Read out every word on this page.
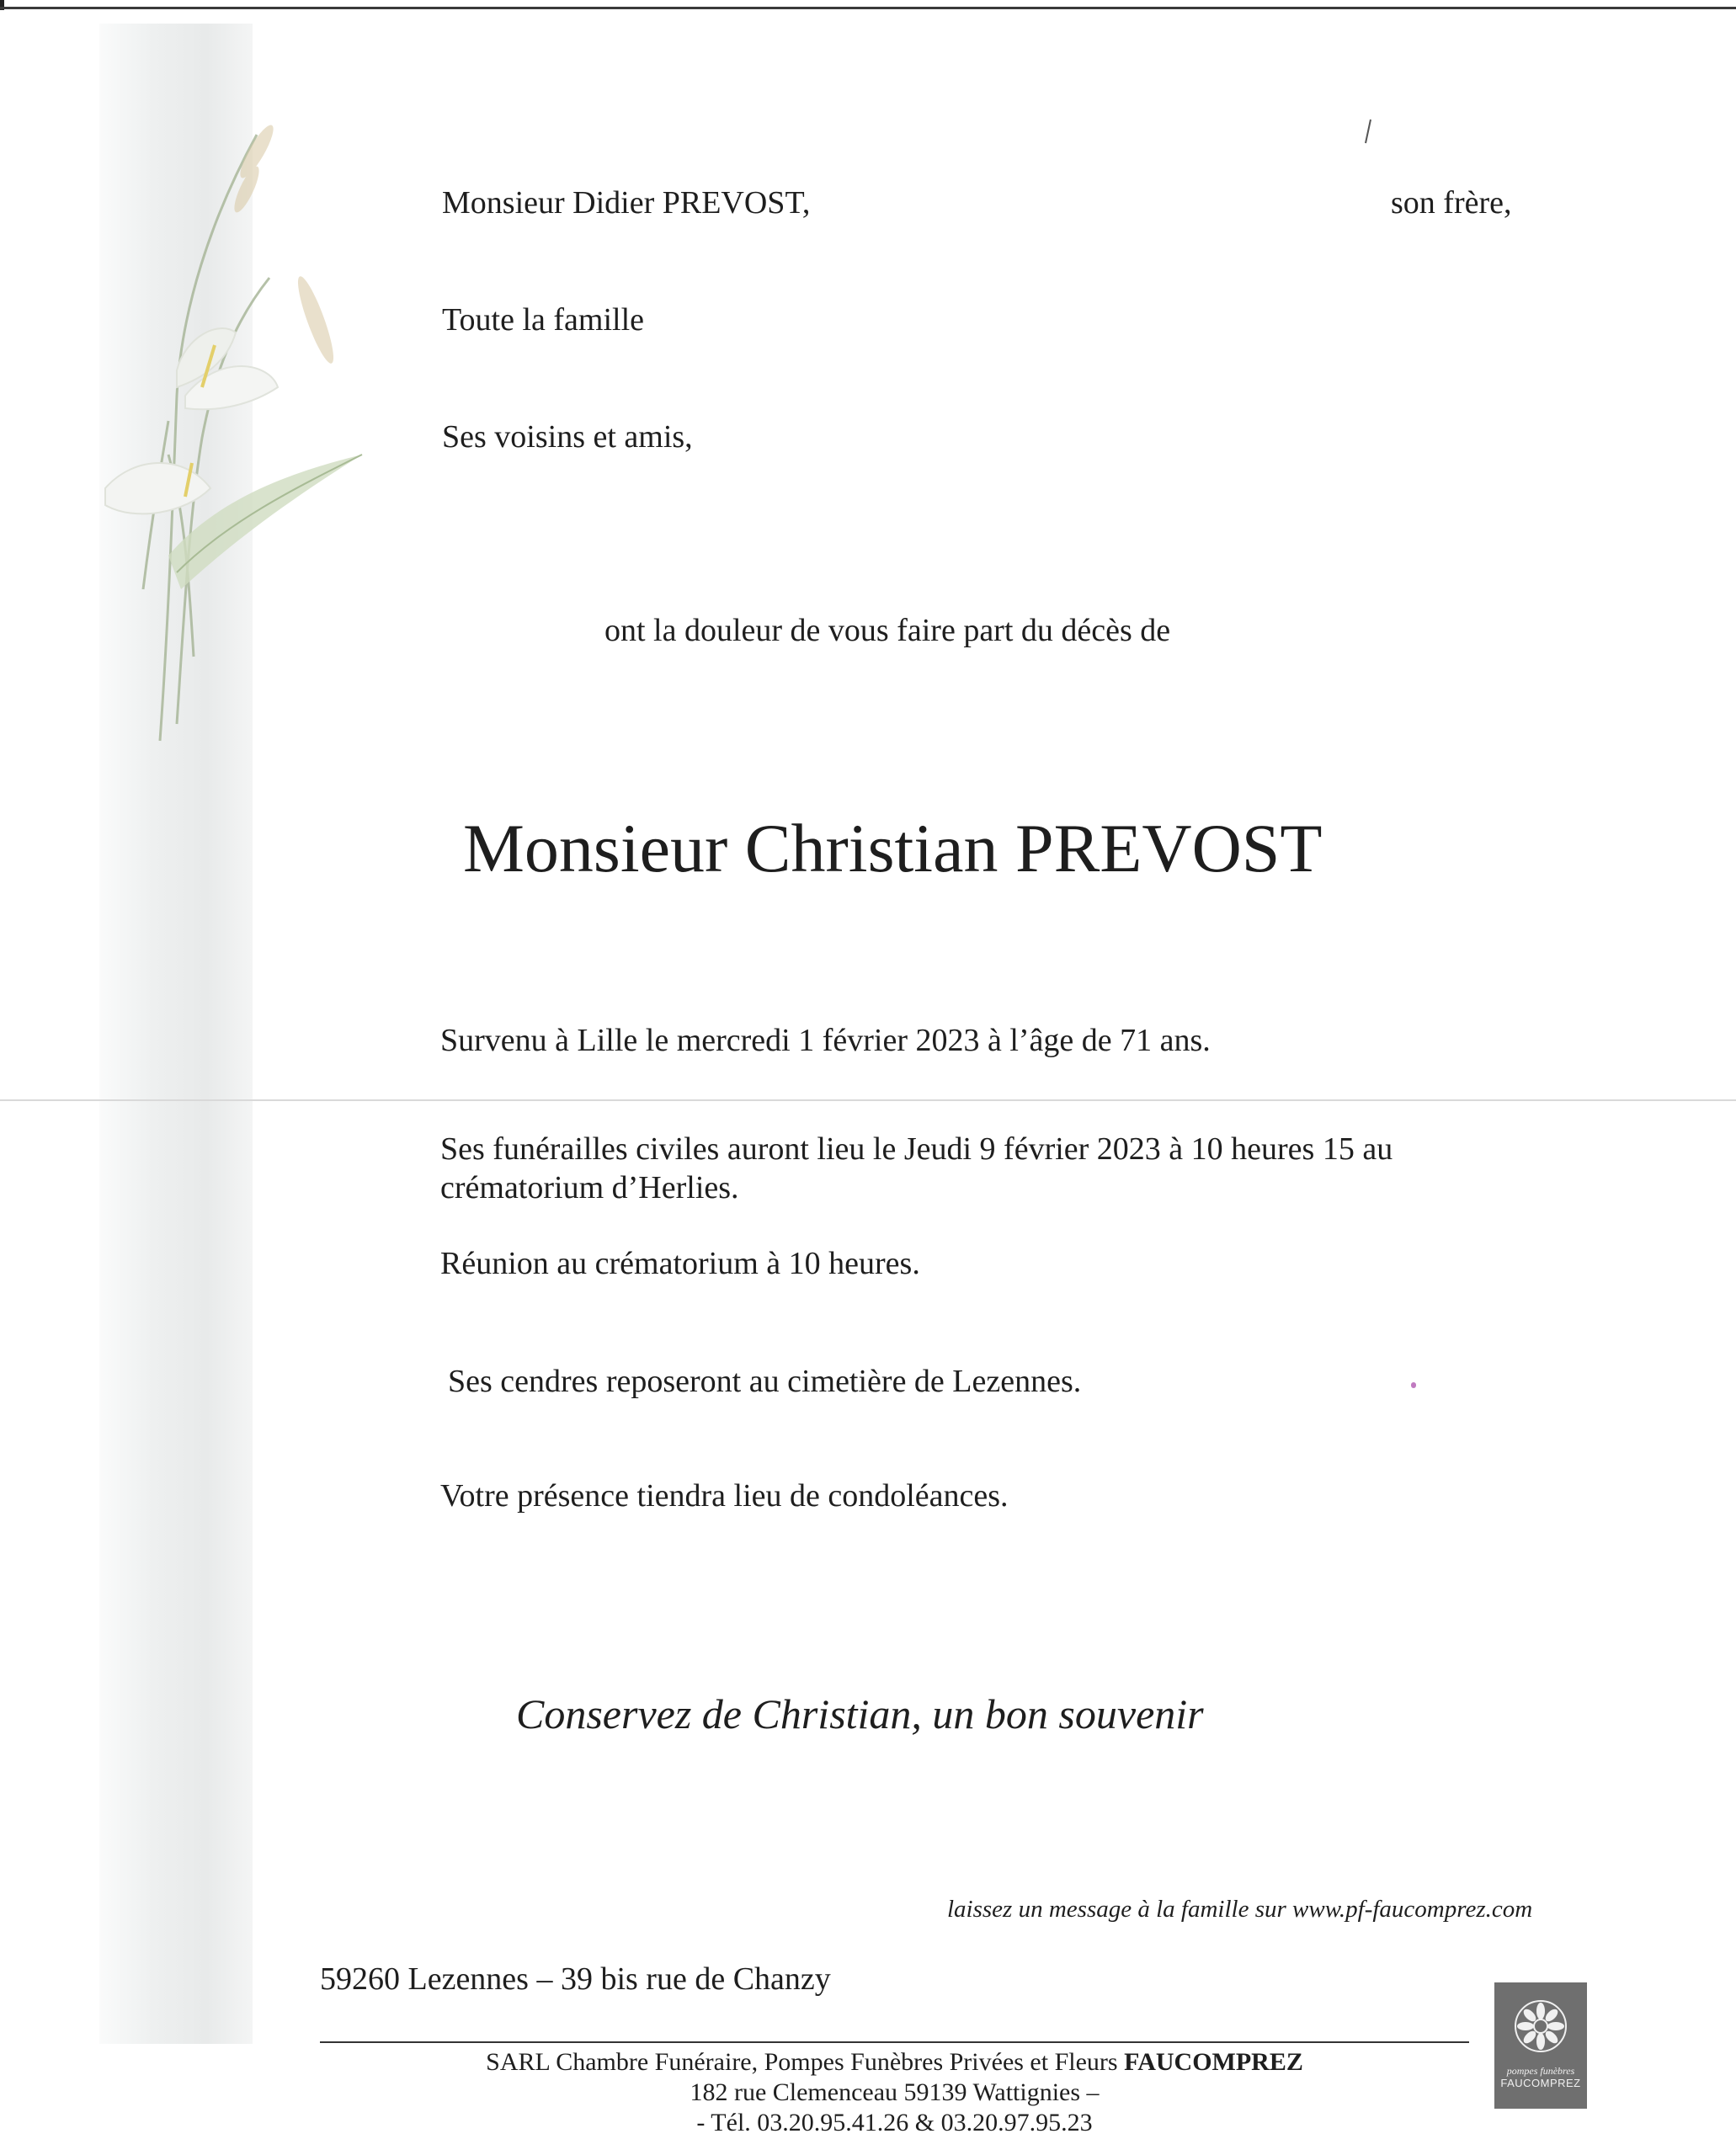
Monsieur Didier PREVOST,	son frère,
Toute la famille
Ses voisins et amis,
ont la douleur de vous faire part du décès de
Monsieur Christian PREVOST
Survenu à Lille le mercredi 1 février 2023 à l’âge de 71 ans.
Ses funérailles civiles auront lieu le Jeudi 9 février 2023 à 10 heures 15 au
crématorium d’Herlies.
Réunion au crématorium à 10 heures.
Ses cendres reposeront au cimetière de Lezennes.
Votre présence tiendra lieu de condoléances.
Conservez de Christian, un bon souvenir
laissez un message à la famille sur www.pf-faucomprez.com
59260 Lezennes – 39 bis rue de Chanzy
SARL Chambre Funéraire, Pompes Funèbres Privées et Fleurs FAUCOMPREZ
182 rue Clemenceau 59139 Wattignies –
- Tél. 03.20.95.41.26 & 03.20.97.95.23
pompes funèbres
FAUCOMPREZ
